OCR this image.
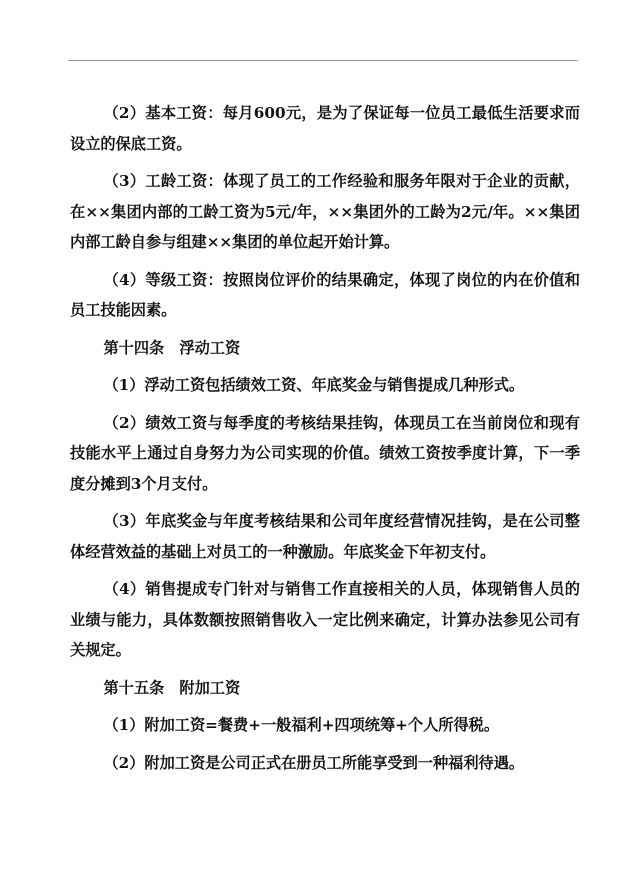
（2）基本工资：每月600元，是为了保证每一位员工最低生活要求而设立的保底工资。

（3）工龄工资：体现了员工的工作经验和服务年限对于企业的贡献，在××集团内部的工龄工资为5元/年，××集团外的工龄为2元/年。××集团内部工龄自参与组建××集团的单位起开始计算。

（4）等级工资：按照岗位评价的结果确定，体现了岗位的内在价值和员工技能因素。

第十四条　浮动工资

（1）浮动工资包括绩效工资、年底奖金与销售提成几种形式。

（2）绩效工资与每季度的考核结果挂钩，体现员工在当前岗位和现有技能水平上通过自身努力为公司实现的价值。绩效工资按季度计算，下一季度分摊到3个月支付。

（3）年底奖金与年度考核结果和公司年度经营情况挂钩，是在公司整体经营效益的基础上对员工的一种激励。年底奖金下年初支付。

（4）销售提成专门针对与销售工作直接相关的人员，体现销售人员的业绩与能力，具体数额按照销售收入一定比例来确定，计算办法参见公司有关规定。

第十五条　附加工资

（1）附加工资=餐费+一般福利+四项统筹+个人所得税。

（2）附加工资是公司正式在册员工所能享受到一种福利待遇。
